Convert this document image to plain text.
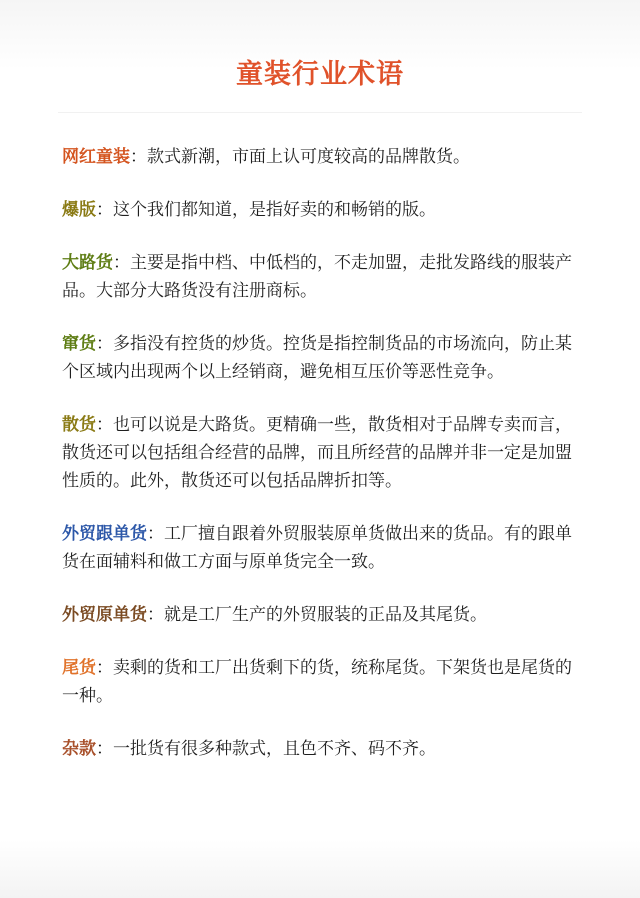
童装行业术语
网红童装：款式新潮，市面上认可度较高的品牌散货。
爆版：这个我们都知道，是指好卖的和畅销的版。
大路货：主要是指中档、中低档的，不走加盟，走批发路线的服装产品。大部分大路货没有注册商标。
窜货：多指没有控货的炒货。控货是指控制货品的市场流向，防止某个区域内出现两个以上经销商，避免相互压价等恶性竞争。
散货：也可以说是大路货。更精确一些，散货相对于品牌专卖而言，散货还可以包括组合经营的品牌，而且所经营的品牌并非一定是加盟性质的。此外，散货还可以包括品牌折扣等。
外贸跟单货：工厂擅自跟着外贸服装原单货做出来的货品。有的跟单货在面辅料和做工方面与原单货完全一致。
外贸原单货：就是工厂生产的外贸服装的正品及其尾货。
尾货：卖剩的货和工厂出货剩下的货，统称尾货。下架货也是尾货的一种。
杂款：一批货有很多种款式，且色不齐、码不齐。
